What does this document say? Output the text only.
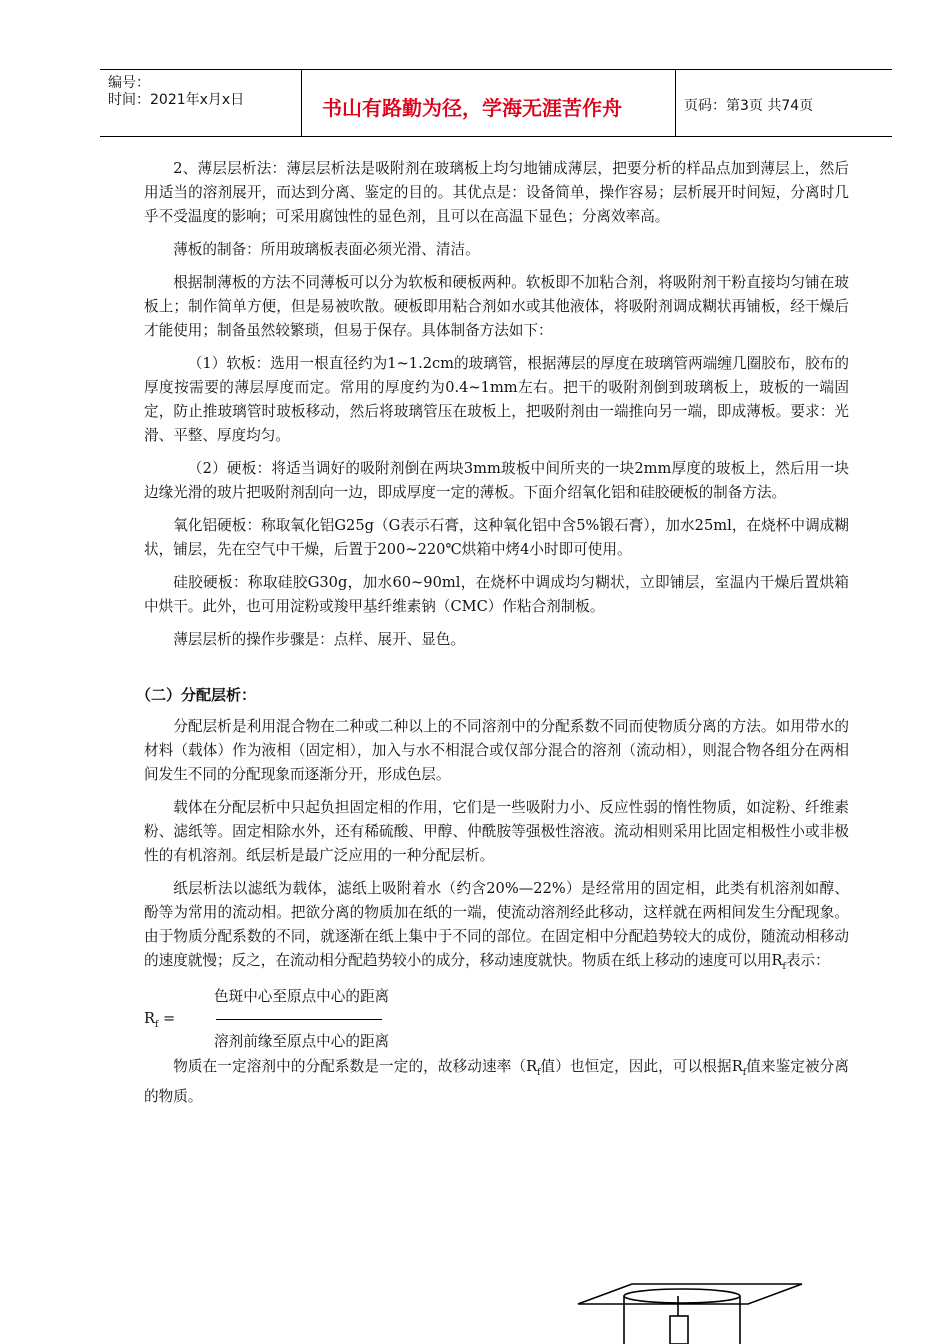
编号：
时间：2021年x月x日	书山有路勤为径，学海无涯苦作舟	页码：第3页 共74页

2、薄层层析法：薄层层析法是吸附剂在玻璃板上均匀地铺成薄层，把要分析的样品点加到薄层上，然后用适当的溶剂展开，而达到分离、鉴定的目的。其优点是：设备简单，操作容易；层析展开时间短，分离时几乎不受温度的影响；可采用腐蚀性的显色剂，且可以在高温下显色；分离效率高。

薄板的制备：所用玻璃板表面必须光滑、清洁。

根据制薄板的方法不同薄板可以分为软板和硬板两种。软板即不加粘合剂，将吸附剂干粉直接均匀铺在玻板上；制作简单方便，但是易被吹散。硬板即用粘合剂如水或其他液体，将吸附剂调成糊状再铺板，经干燥后才能使用；制备虽然较繁琐，但易于保存。具体制备方法如下：

（1）软板：选用一根直径约为1~1.2cm的玻璃管，根据薄层的厚度在玻璃管两端缠几圈胶布，胶布的厚度按需要的薄层厚度而定。常用的厚度约为0.4~1mm左右。把干的吸附剂倒到玻璃板上，玻板的一端固定，防止推玻璃管时玻板移动，然后将玻璃管压在玻板上，把吸附剂由一端推向另一端，即成薄板。要求：光滑、平整、厚度均匀。

（2）硬板：将适当调好的吸附剂倒在两块3mm玻板中间所夹的一块2mm厚度的玻板上，然后用一块边缘光滑的玻片把吸附剂刮向一边，即成厚度一定的薄板。下面介绍氧化铝和硅胶硬板的制备方法。

氧化铝硬板：称取氧化铝G25g（G表示石膏，这种氧化铝中含5%锻石膏），加水25ml，在烧杯中调成糊状，铺层，先在空气中干燥，后置于200~220℃烘箱中烤4小时即可使用。

硅胶硬板：称取硅胶G30g，加水60~90ml，在烧杯中调成均匀糊状，立即铺层，室温内干燥后置烘箱中烘干。此外，也可用淀粉或羧甲基纤维素钠（CMC）作粘合剂制板。

薄层层析的操作步骤是：点样、展开、显色。

（二）分配层析：

分配层析是利用混合物在二种或二种以上的不同溶剂中的分配系数不同而使物质分离的方法。如用带水的材料（载体）作为液相（固定相），加入与水不相混合或仅部分混合的溶剂（流动相），则混合物各组分在两相间发生不同的分配现象而逐渐分开，形成色层。

载体在分配层析中只起负担固定相的作用，它们是一些吸附力小、反应性弱的惰性物质，如淀粉、纤维素粉、滤纸等。固定相除水外，还有稀硫酸、甲醇、仲酰胺等强极性溶液。流动相则采用比固定相极性小或非极性的有机溶剂。纸层析是最广泛应用的一种分配层析。

纸层析法以滤纸为载体，滤纸上吸附着水（约含20%—22%）是经常用的固定相，此类有机溶剂如醇、酚等为常用的流动相。把欲分离的物质加在纸的一端，使流动溶剂经此移动，这样就在两相间发生分配现象。由于物质分配系数的不同，就逐渐在纸上集中于不同的部位。在固定相中分配趋势较大的成份，随流动相移动的速度就慢；反之，在流动相分配趋势较小的成分，移动速度就快。物质在纸上移动的速度可以用$R_f$表示：

色斑中心至原点中心的距离
$R_f$ =
溶剂前缘至原点中心的距离

物质在一定溶剂中的分配系数是一定的，故移动速率（$R_f$值）也恒定，因此，可以根据$R_f$值来鉴定被分离的物质。
